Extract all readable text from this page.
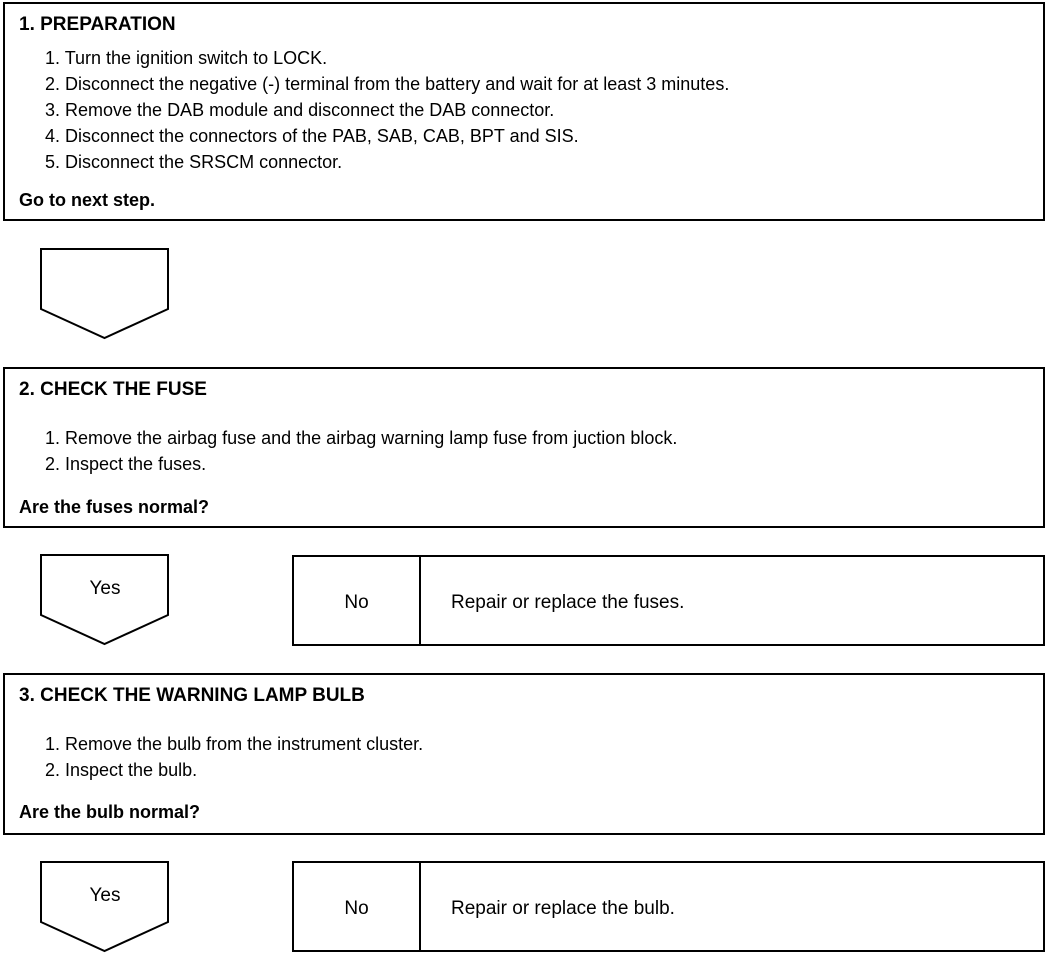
1. PREPARATION
1. Turn the ignition switch to LOCK.
2. Disconnect the negative (-) terminal from the battery and wait for at least 3 minutes.
3. Remove the DAB module and disconnect the DAB connector.
4. Disconnect the connectors of the PAB, SAB, CAB, BPT and SIS.
5. Disconnect the SRSCM connector.
Go to next step.
2. CHECK THE FUSE
1. Remove the airbag fuse and the airbag warning lamp fuse from juction block.
2. Inspect the fuses.
Are the fuses normal?
Yes
No	Repair or replace the fuses.
3. CHECK THE WARNING LAMP BULB
1. Remove the bulb from the instrument cluster.
2. Inspect the bulb.
Are the bulb normal?
Yes
No	Repair or replace the bulb.
